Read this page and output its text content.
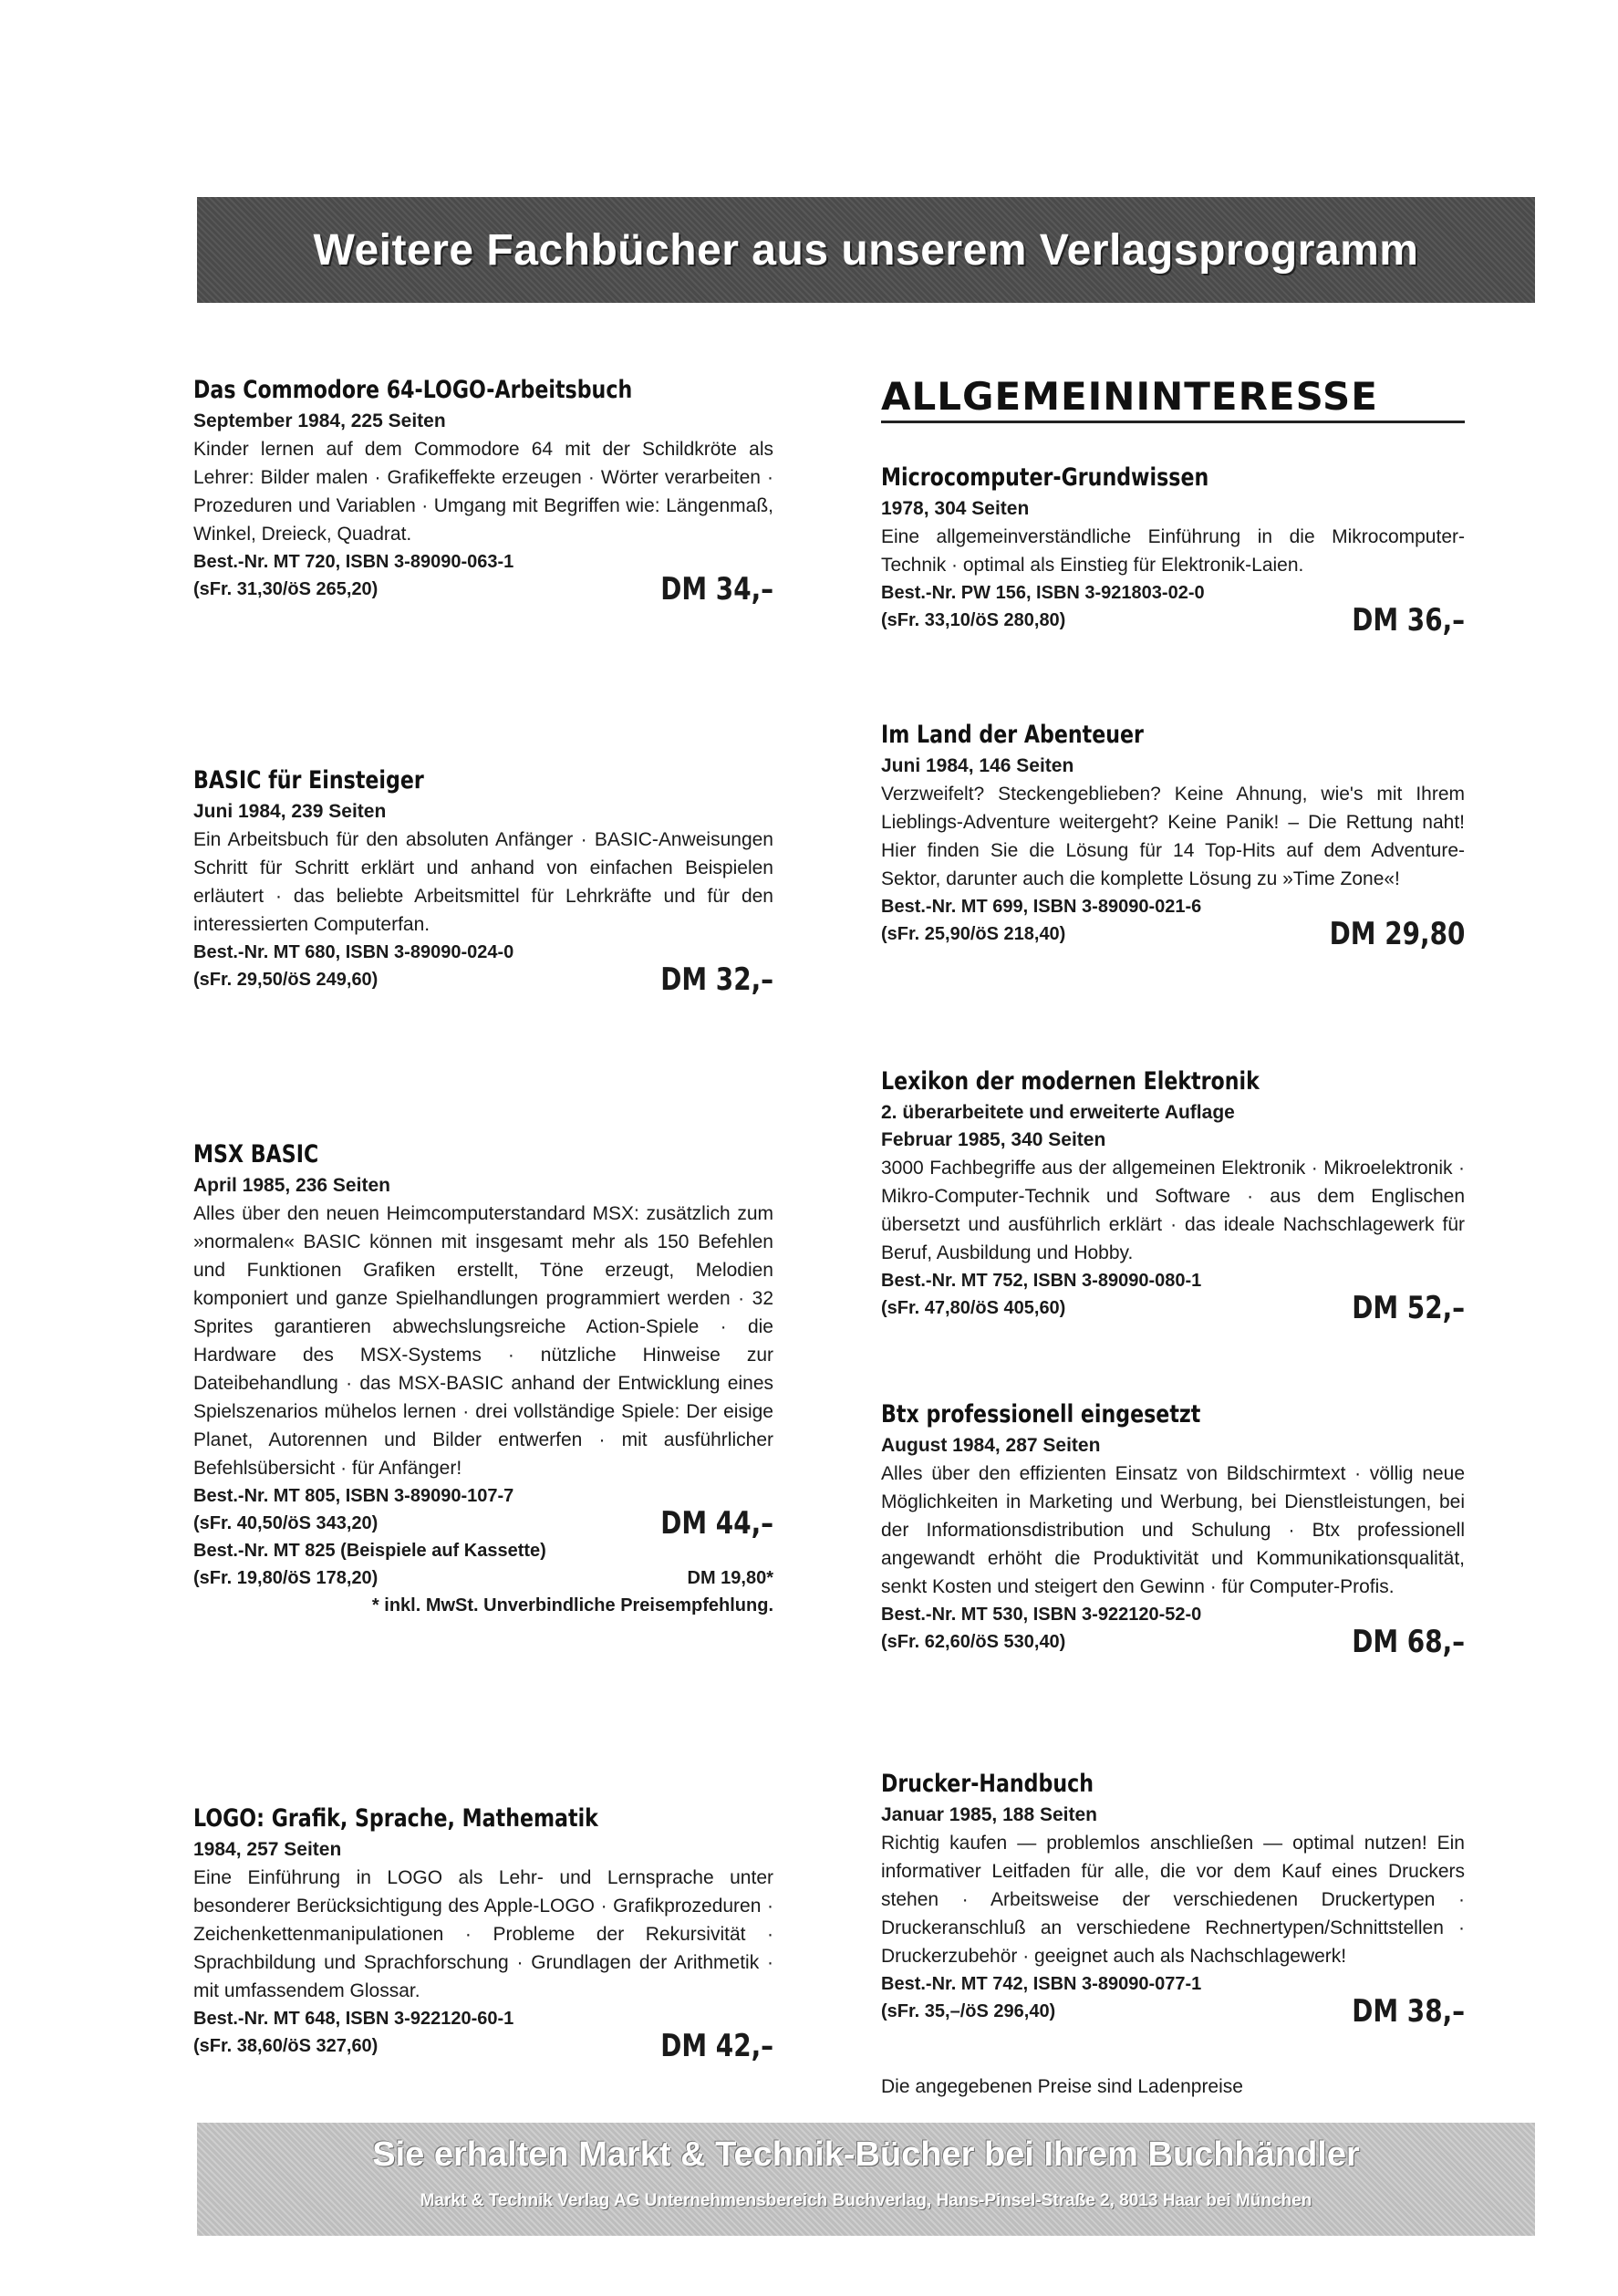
Weitere Fachbücher aus unserem Verlagsprogramm
Das Commodore 64-LOGO-Arbeitsbuch

September 1984, 225 Seiten

Kinder lernen auf dem Commodore 64 mit der Schildkröte als Lehrer: Bilder malen · Grafikeffekte erzeugen · Wörter verarbeiten · Prozeduren und Variablen · Umgang mit Begriffen wie: Längenmaß, Winkel, Dreieck, Quadrat.

Best.-Nr. MT 720, ISBN 3-89090-063-1

(sFr. 31,30/öS 265,20)	DM 34,–
BASIC für Einsteiger

Juni 1984, 239 Seiten

Ein Arbeitsbuch für den absoluten Anfänger · BASIC-Anweisungen Schritt für Schritt erklärt und anhand von einfachen Beispielen erläutert · das beliebte Arbeitsmittel für Lehrkräfte und für den interessierten Computerfan.

Best.-Nr. MT 680, ISBN 3-89090-024-0

(sFr. 29,50/öS 249,60)	DM 32,–
MSX BASIC

April 1985, 236 Seiten

Alles über den neuen Heimcomputerstandard MSX: zusätzlich zum »normalen« BASIC können mit insgesamt mehr als 150 Befehlen und Funktionen Grafiken erstellt, Töne erzeugt, Melodien komponiert und ganze Spielhandlungen programmiert werden · 32 Sprites garantieren abwechslungsreiche Action-Spiele · die Hardware des MSX-Systems · nützliche Hinweise zur Dateibehandlung · das MSX-BASIC anhand der Entwicklung eines Spielszenarios mühelos lernen · drei vollständige Spiele: Der eisige Planet, Autorennen und Bilder entwerfen · mit ausführlicher Befehlsübersicht · für Anfänger!

Best.-Nr. MT 805, ISBN 3-89090-107-7

(sFr. 40,50/öS 343,20)	DM 44,–

Best.-Nr. MT 825 (Beispiele auf Kassette)

(sFr. 19,80/öS 178,20)	DM 19,80*

* inkl. MwSt. Unverbindliche Preisempfehlung.

LOGO: Grafik, Sprache, Mathematik

1984, 257 Seiten

Eine Einführung in LOGO als Lehr- und Lernsprache unter besonderer Berücksichtigung des Apple-LOGO · Grafikprozeduren · Zeichenkettenmanipulationen · Probleme der Rekursivität · Sprachbildung und Sprachforschung · Grundlagen der Arithmetik · mit umfassendem Glossar.

Best.-Nr. MT 648, ISBN 3-922120-60-1

(sFr. 38,60/öS 327,60)	DM 42,–
ALLGEMEININTERESSE
Microcomputer-Grundwissen

1978, 304 Seiten

Eine allgemeinverständliche Einführung in die Mikrocomputer-Technik · optimal als Einstieg für Elektronik-Laien.

Best.-Nr. PW 156, ISBN 3-921803-02-0

(sFr. 33,10/öS 280,80)	DM 36,–
Im Land der Abenteuer

Juni 1984, 146 Seiten

Verzweifelt? Steckengeblieben? Keine Ahnung, wie's mit Ihrem Lieblings-Adventure weitergeht? Keine Panik! – Die Rettung naht! Hier finden Sie die Lösung für 14 Top-Hits auf dem Adventure-Sektor, darunter auch die komplette Lösung zu »Time Zone«!

Best.-Nr. MT 699, ISBN 3-89090-021-6

(sFr. 25,90/öS 218,40)	DM 29,80
Lexikon der modernen Elektronik

2. überarbeitete und erweiterte Auflage

Februar 1985, 340 Seiten

3000 Fachbegriffe aus der allgemeinen Elektronik · Mikroelektronik · Mikro-Computer-Technik und Software · aus dem Englischen übersetzt und ausführlich erklärt · das ideale Nachschlagewerk für Beruf, Ausbildung und Hobby.

Best.-Nr. MT 752, ISBN 3-89090-080-1

(sFr. 47,80/öS 405,60)	DM 52,–
Btx professionell eingesetzt

August 1984, 287 Seiten

Alles über den effizienten Einsatz von Bildschirmtext · völlig neue Möglichkeiten in Marketing und Werbung, bei Dienstleistungen, bei der Informationsdistribution und Schulung · Btx professionell angewandt erhöht die Produktivität und Kommunikationsqualität, senkt Kosten und steigert den Gewinn · für Computer-Profis.

Best.-Nr. MT 530, ISBN 3-922120-52-0

(sFr. 62,60/öS 530,40)	DM 68,–
Drucker-Handbuch

Januar 1985, 188 Seiten

Richtig kaufen — problemlos anschließen — optimal nutzen! Ein informativer Leitfaden für alle, die vor dem Kauf eines Druckers stehen · Arbeitsweise der verschiedenen Druckertypen · Druckeranschluß an verschiedene Rechnertypen/Schnittstellen · Druckerzubehör · geeignet auch als Nachschlagewerk!

Best.-Nr. MT 742, ISBN 3-89090-077-1

(sFr. 35,–/öS 296,40)	DM 38,–
Die angegebenen Preise sind Ladenpreise
Sie erhalten Markt & Technik-Bücher bei Ihrem Buchhändler
Markt & Technik Verlag AG Unternehmensbereich Buchverlag, Hans-Pinsel-Straße 2, 8013 Haar bei München
